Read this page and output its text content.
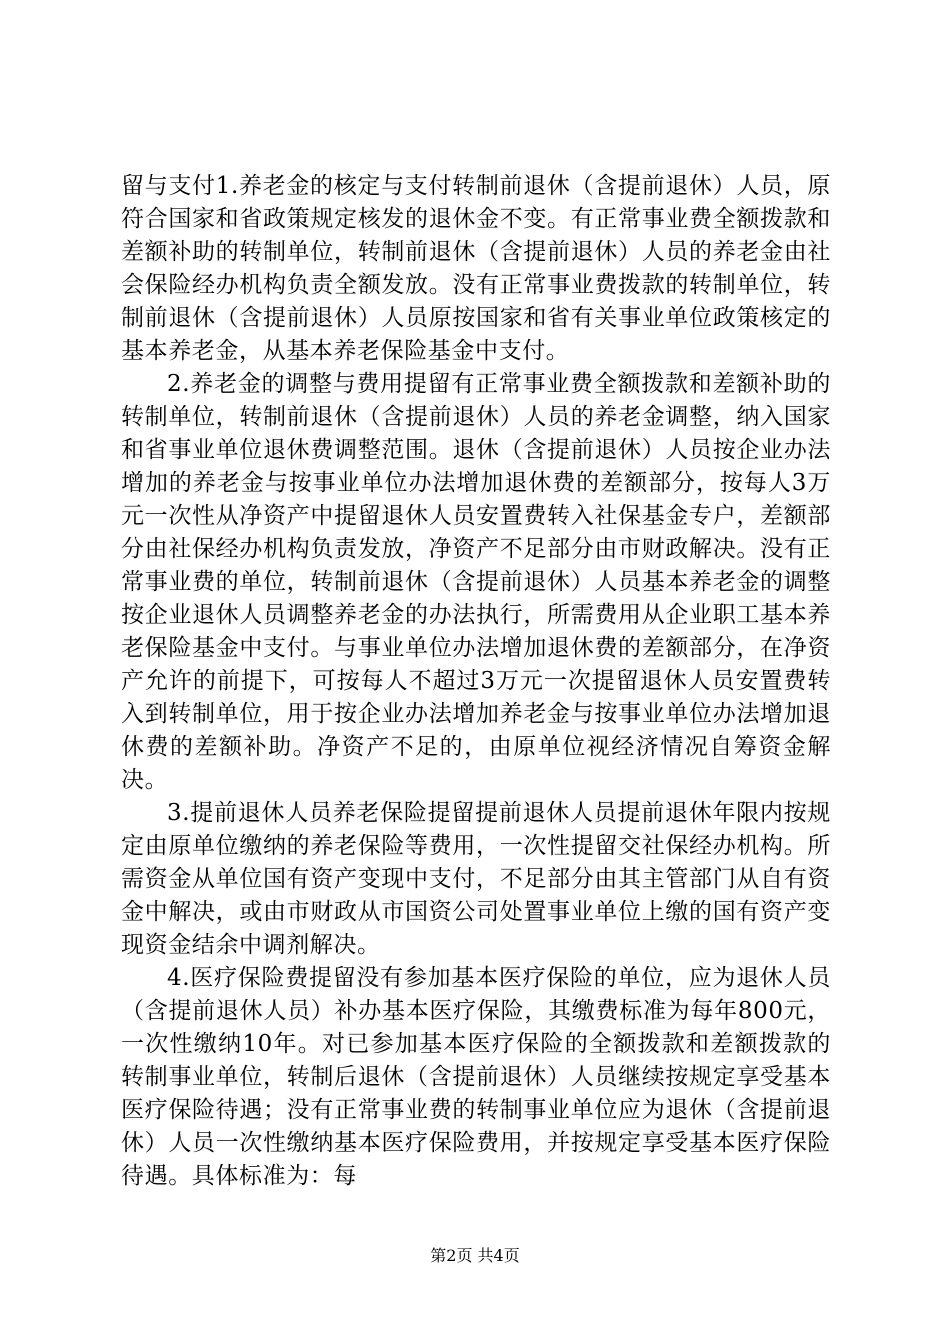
留与支付1.养老金的核定与支付转制前退休（含提前退休）人员，原符合国家和省政策规定核发的退休金不变。有正常事业费全额拨款和差额补助的转制单位，转制前退休（含提前退休）人员的养老金由社会保险经办机构负责全额发放。没有正常事业费拨款的转制单位，转制前退休（含提前退休）人员原按国家和省有关事业单位政策核定的基本养老金，从基本养老保险基金中支付。

2.养老金的调整与费用提留有正常事业费全额拨款和差额补助的转制单位，转制前退休（含提前退休）人员的养老金调整，纳入国家和省事业单位退休费调整范围。退休（含提前退休）人员按企业办法增加的养老金与按事业单位办法增加退休费的差额部分，按每人3万元一次性从净资产中提留退休人员安置费转入社保基金专户，差额部分由社保经办机构负责发放，净资产不足部分由市财政解决。没有正常事业费的单位，转制前退休（含提前退休）人员基本养老金的调整按企业退休人员调整养老金的办法执行，所需费用从企业职工基本养老保险基金中支付。与事业单位办法增加退休费的差额部分，在净资产允许的前提下，可按每人不超过3万元一次提留退休人员安置费转入到转制单位，用于按企业办法增加养老金与按事业单位办法增加退休费的差额补助。净资产不足的，由原单位视经济情况自筹资金解决。

3.提前退休人员养老保险提留提前退休人员提前退休年限内按规定由原单位缴纳的养老保险等费用，一次性提留交社保经办机构。所需资金从单位国有资产变现中支付，不足部分由其主管部门从自有资金中解决，或由市财政从市国资公司处置事业单位上缴的国有资产变现资金结余中调剂解决。

4.医疗保险费提留没有参加基本医疗保险的单位，应为退休人员（含提前退休人员）补办基本医疗保险，其缴费标准为每年800元，一次性缴纳10年。对已参加基本医疗保险的全额拨款和差额拨款的转制事业单位，转制后退休（含提前退休）人员继续按规定享受基本医疗保险待遇；没有正常事业费的转制事业单位应为退休（含提前退休）人员一次性缴纳基本医疗保险费用，并按规定享受基本医疗保险待遇。具体标准为：每

第2页 共4页
